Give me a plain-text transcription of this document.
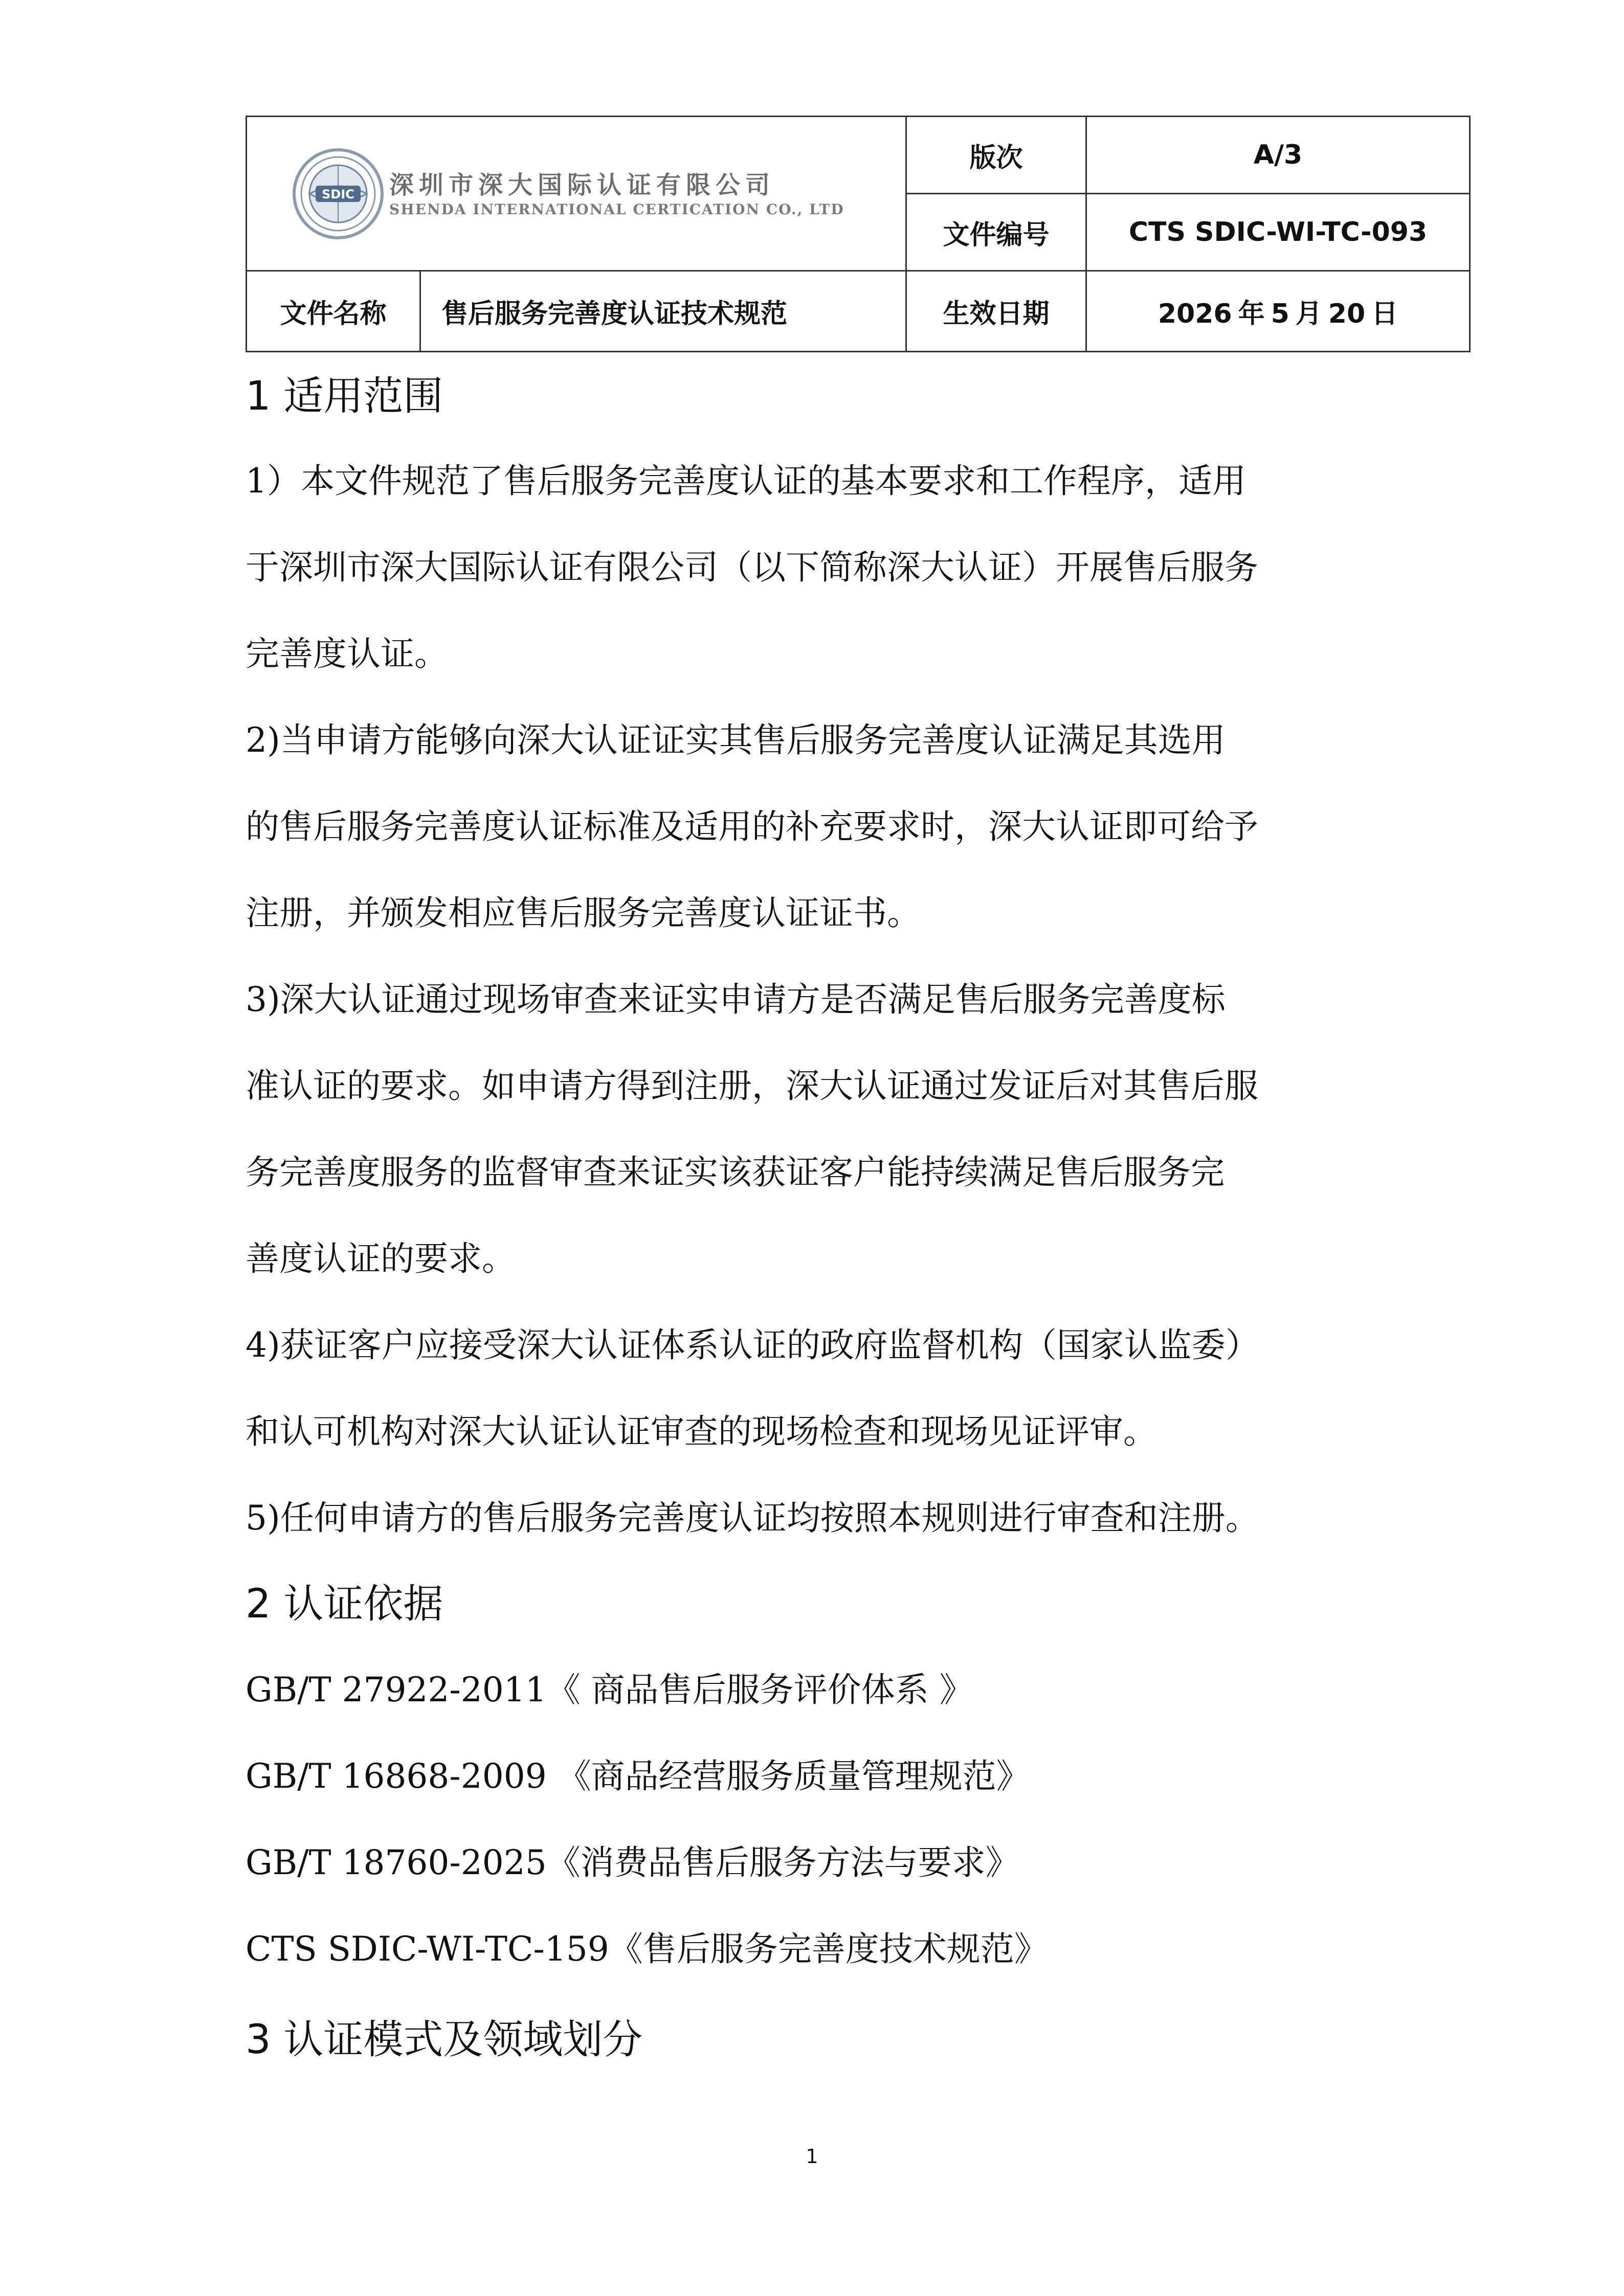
SDIC 深圳市深大国际认证有限公司
SHENDA INTERNATIONAL CERTICATION CO., LTD		版次	A/3
		文件编号	CTS SDIC-WI-TC-093
文件名称	售后服务完善度认证技术规范	生效日期	2026 年 5 月 20 日
1 适用范围
1）本文件规范了售后服务完善度认证的基本要求和工作程序，适用
于深圳市深大国际认证有限公司（以下简称深大认证）开展售后服务
完善度认证。
2)当申请方能够向深大认证证实其售后服务完善度认证满足其选用
的售后服务完善度认证标准及适用的补充要求时，深大认证即可给予
注册，并颁发相应售后服务完善度认证证书。
3)深大认证通过现场审查来证实申请方是否满足售后服务完善度标
准认证的要求。如申请方得到注册，深大认证通过发证后对其售后服
务完善度服务的监督审查来证实该获证客户能持续满足售后服务完
善度认证的要求。
4)获证客户应接受深大认证体系认证的政府监督机构（国家认监委）
和认可机构对深大认证认证审查的现场检查和现场见证评审。
5)任何申请方的售后服务完善度认证均按照本规则进行审查和注册。
2 认证依据
GB/T 27922-2011《 商品售后服务评价体系 》
GB/T 16868-2009 《商品经营服务质量管理规范》
GB/T 18760-2025《消费品售后服务方法与要求》
CTS SDIC-WI-TC-159《售后服务完善度技术规范》
3 认证模式及领域划分
1
